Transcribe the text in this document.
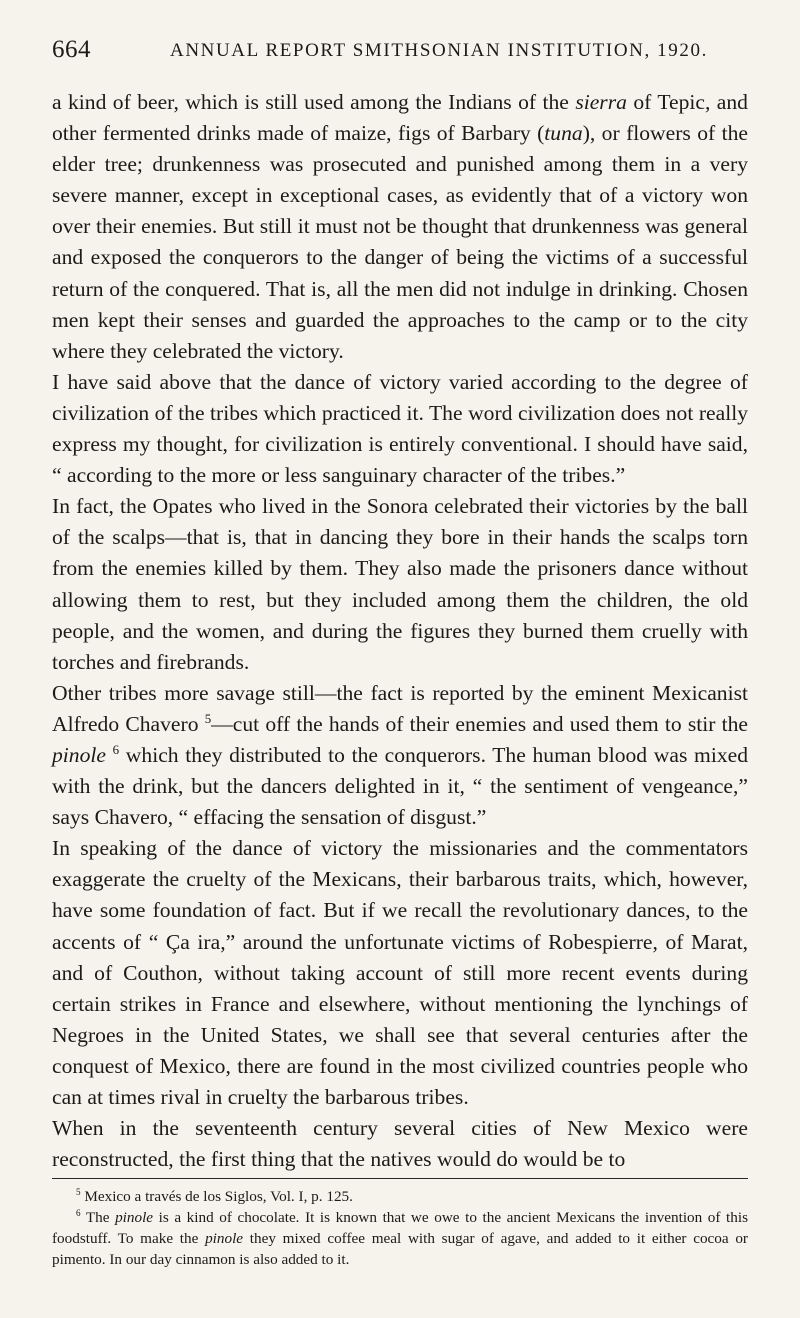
664	ANNUAL REPORT SMITHSONIAN INSTITUTION, 1920.

a kind of beer, which is still used among the Indians of the sierra of Tepic, and other fermented drinks made of maize, figs of Barbary (tuna), or flowers of the elder tree; drunkenness was prosecuted and punished among them in a very severe manner, except in exceptional cases, as evidently that of a victory won over their enemies. But still it must not be thought that drunkenness was general and exposed the conquerors to the danger of being the victims of a successful return of the conquered. That is, all the men did not indulge in drinking. Chosen men kept their senses and guarded the approaches to the camp or to the city where they celebrated the victory.

I have said above that the dance of victory varied according to the degree of civilization of the tribes which practiced it. The word civilization does not really express my thought, for civilization is entirely conventional. I should have said, “ according to the more or less sanguinary character of the tribes.”

In fact, the Opates who lived in the Sonora celebrated their victories by the ball of the scalps—that is, that in dancing they bore in their hands the scalps torn from the enemies killed by them. They also made the prisoners dance without allowing them to rest, but they included among them the children, the old people, and the women, and during the figures they burned them cruelly with torches and firebrands.

Other tribes more savage still—the fact is reported by the eminent Mexicanist Alfredo Chavero $^5$—cut off the hands of their enemies and used them to stir the pinole $^6$ which they distributed to the conquerors. The human blood was mixed with the drink, but the dancers delighted in it, “ the sentiment of vengeance,” says Chavero, “ effacing the sensation of disgust.”

In speaking of the dance of victory the missionaries and the commentators exaggerate the cruelty of the Mexicans, their barbarous traits, which, however, have some foundation of fact. But if we recall the revolutionary dances, to the accents of “ Ça ira,” around the unfortunate victims of Robespierre, of Marat, and of Couthon, without taking account of still more recent events during certain strikes in France and elsewhere, without mentioning the lynchings of Negroes in the United States, we shall see that several centuries after the conquest of Mexico, there are found in the most civilized countries people who can at times rival in cruelty the barbarous tribes.

When in the seventeenth century several cities of New Mexico were reconstructed, the first thing that the natives would do would be to

$^5$ Mexico a través de los Siglos, Vol. I, p. 125.

$^6$ The pinole is a kind of chocolate. It is known that we owe to the ancient Mexicans the invention of this foodstuff. To make the pinole they mixed coffee meal with sugar of agave, and added to it either cocoa or pimento. In our day cinnamon is also added to it.
